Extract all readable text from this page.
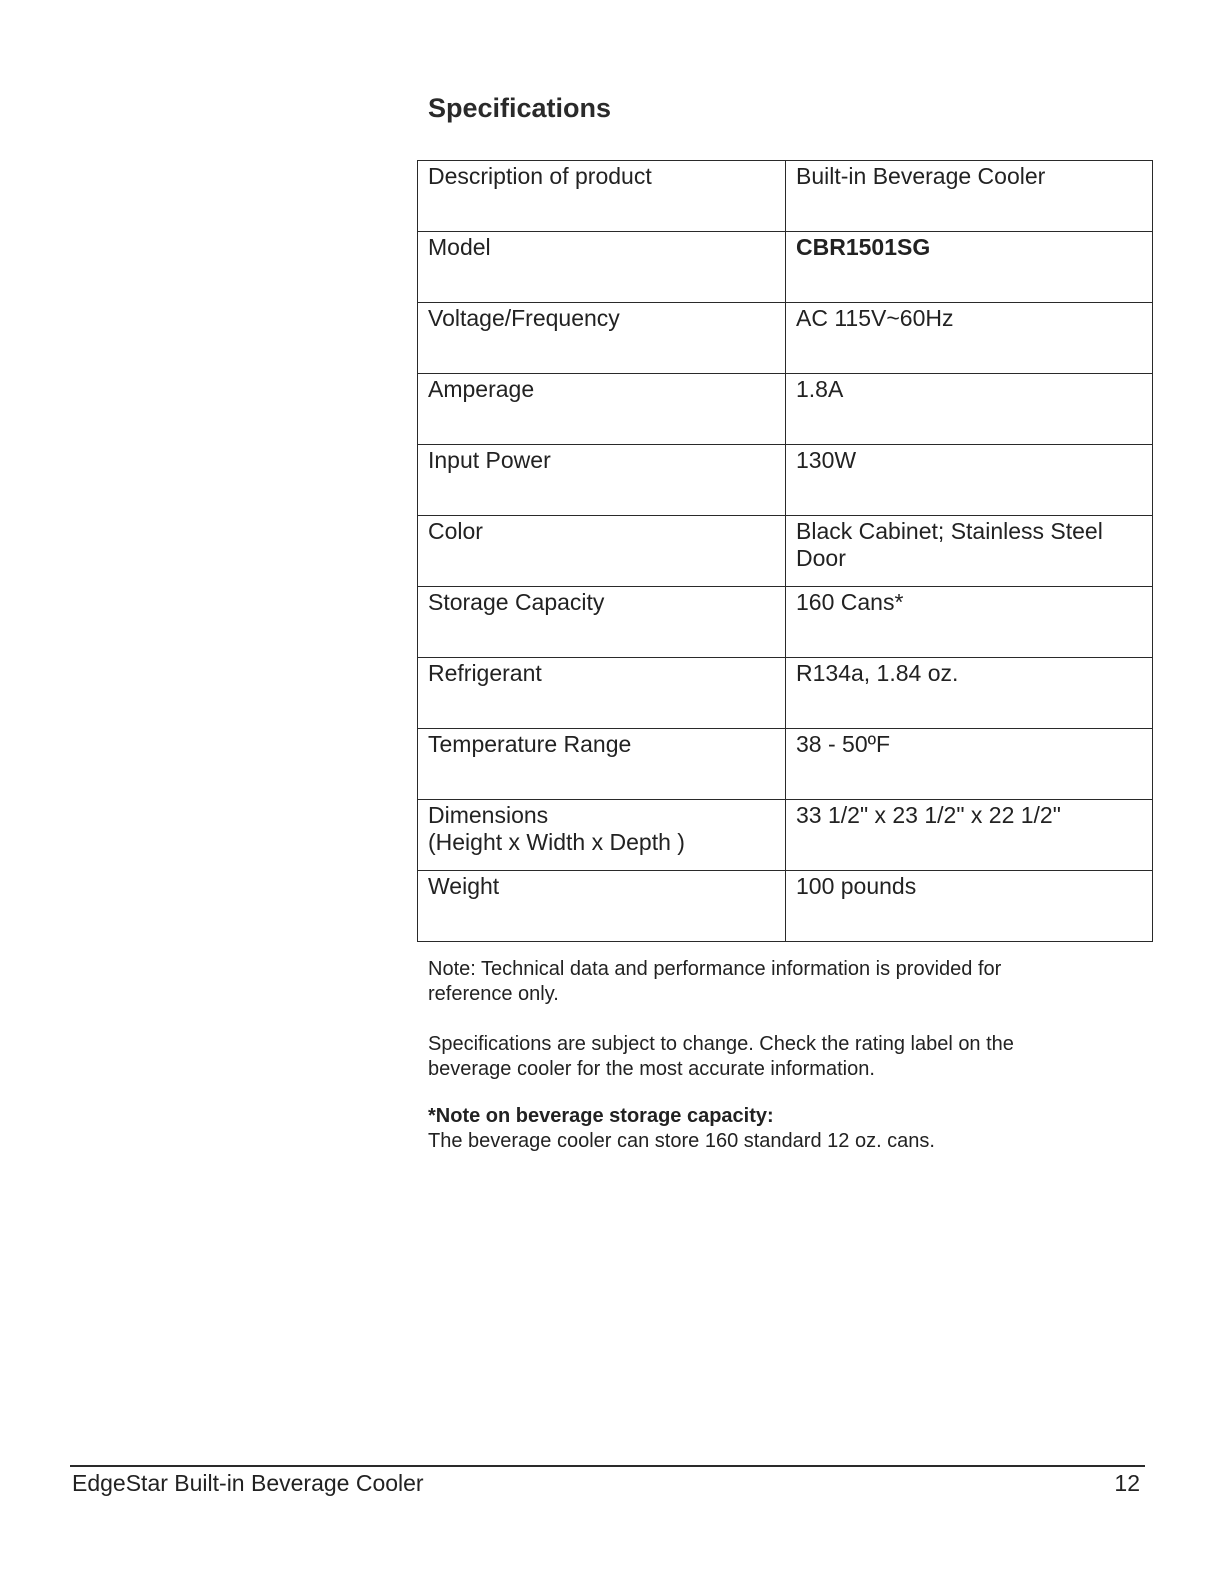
Specifications
Description of product	Built-in Beverage Cooler
Model	CBR1501SG
Voltage/Frequency	AC 115V~60Hz
Amperage	1.8A
Input Power	130W
Color	Black Cabinet; Stainless Steel
Door
Storage Capacity	160 Cans*
Refrigerant	R134a, 1.84 oz.
Temperature Range	38 - 50ºF
Dimensions
(Height x Width x Depth )	33 1/2" x 23 1/2" x 22 1/2"
Weight	100 pounds

Note: Technical data and performance information is provided for
reference only.

Specifications are subject to change. Check the rating label on the
beverage cooler for the most accurate information.

*Note on beverage storage capacity:

The beverage cooler can store 160 standard 12 oz. cans.

EdgeStar Built-in Beverage Cooler	12
